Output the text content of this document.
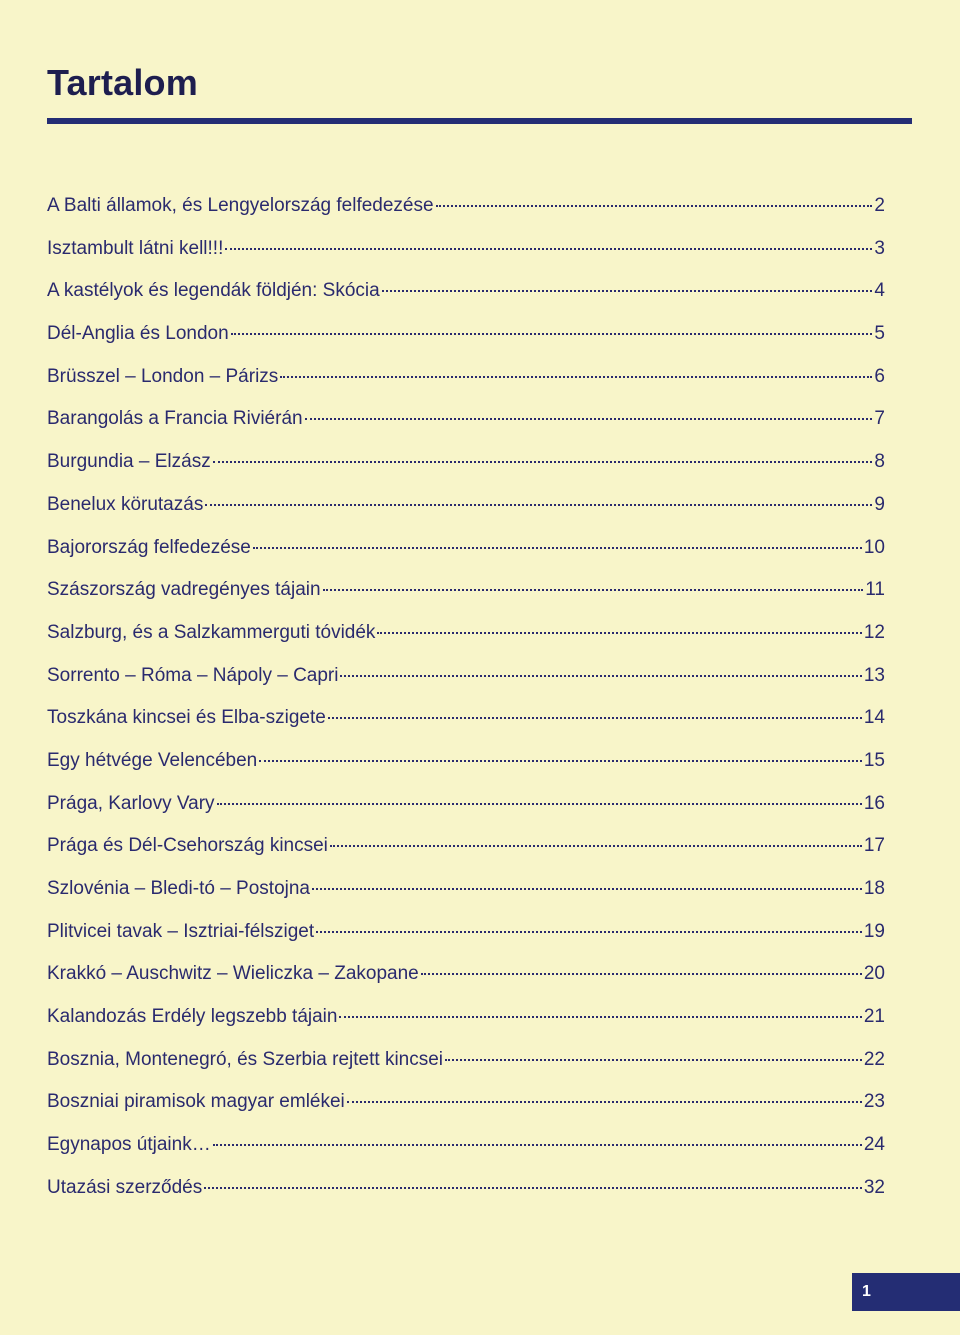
Tartalom
A Balti államok, és Lengyelország felfedezése	2
Isztambult látni kell!!!	3
A kastélyok és legendák földjén: Skócia	4
Dél-Anglia és London	5
Brüsszel – London – Párizs	6
Barangolás a Francia Riviérán	7
Burgundia – Elzász	8
Benelux körutazás	9
Bajorország felfedezése	10
Szászország vadregényes tájain	11
Salzburg, és a Salzkammerguti tóvidék	12
Sorrento – Róma – Nápoly – Capri	13
Toszkána kincsei és Elba-szigete	14
Egy hétvége Velencében	15
Prága, Karlovy Vary	16
Prága és Dél-Csehország kincsei	17
Szlovénia – Bledi-tó – Postojna	18
Plitvicei tavak – Isztriai-félsziget	19
Krakkó – Auschwitz – Wieliczka – Zakopane	20
Kalandozás Erdély legszebb tájain	21
Bosznia, Montenegró, és Szerbia rejtett kincsei	22
Boszniai piramisok magyar emlékei	23
Egynapos útjaink…	24
Utazási szerződés	32
1
